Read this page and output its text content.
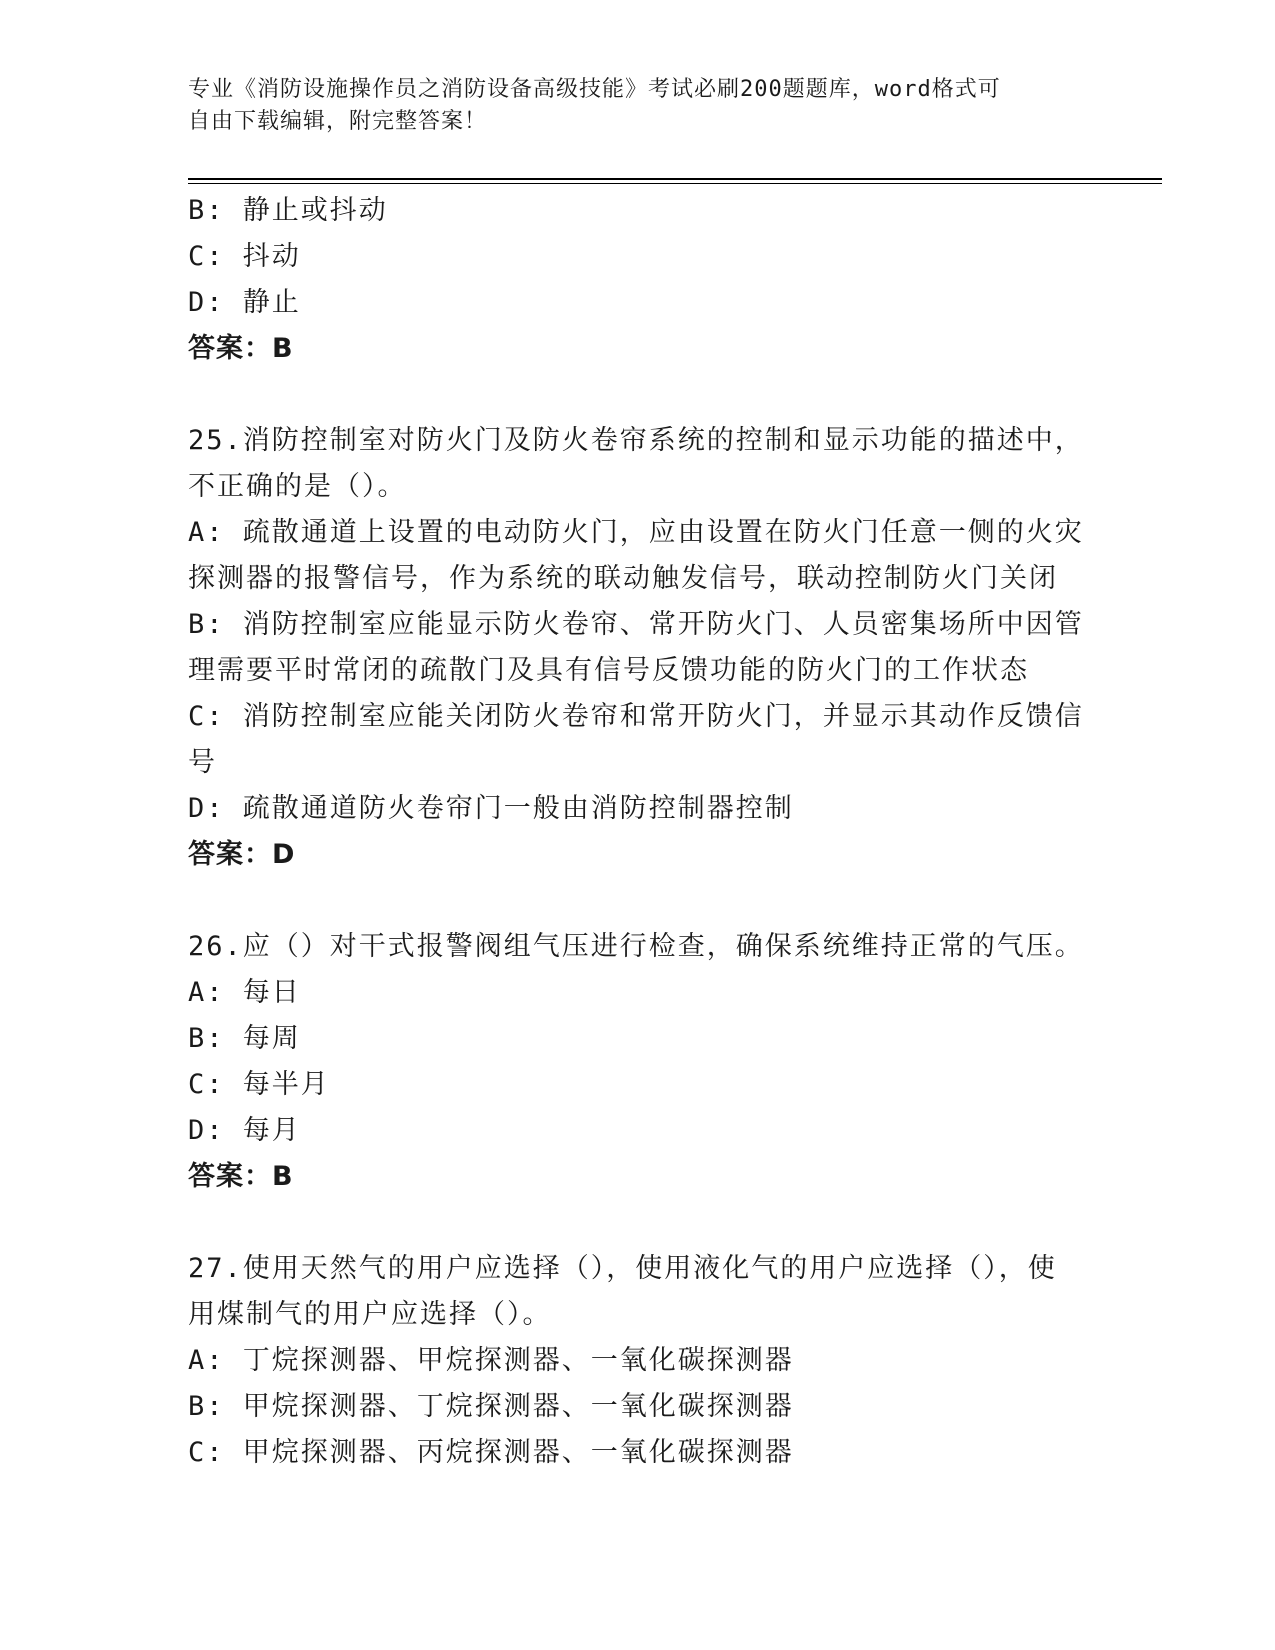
专业《消防设施操作员之消防设备高级技能》考试必刷200题题库，word格式可
自由下载编辑，附完整答案！
B: 静止或抖动
C: 抖动
D: 静止
答案：B
25.消防控制室对防火门及防火卷帘系统的控制和显示功能的描述中，
不正确的是（）。
A: 疏散通道上设置的电动防火门，应由设置在防火门任意一侧的火灾
探测器的报警信号，作为系统的联动触发信号，联动控制防火门关闭
B: 消防控制室应能显示防火卷帘、常开防火门、人员密集场所中因管
理需要平时常闭的疏散门及具有信号反馈功能的防火门的工作状态
C: 消防控制室应能关闭防火卷帘和常开防火门，并显示其动作反馈信
号
D: 疏散通道防火卷帘门一般由消防控制器控制
答案：D
26.应（）对干式报警阀组气压进行检查，确保系统维持正常的气压。
A: 每日
B: 每周
C: 每半月
D: 每月
答案：B
27.使用天然气的用户应选择（），使用液化气的用户应选择（），使
用煤制气的用户应选择（）。
A: 丁烷探测器、甲烷探测器、一氧化碳探测器
B: 甲烷探测器、丁烷探测器、一氧化碳探测器
C: 甲烷探测器、丙烷探测器、一氧化碳探测器
